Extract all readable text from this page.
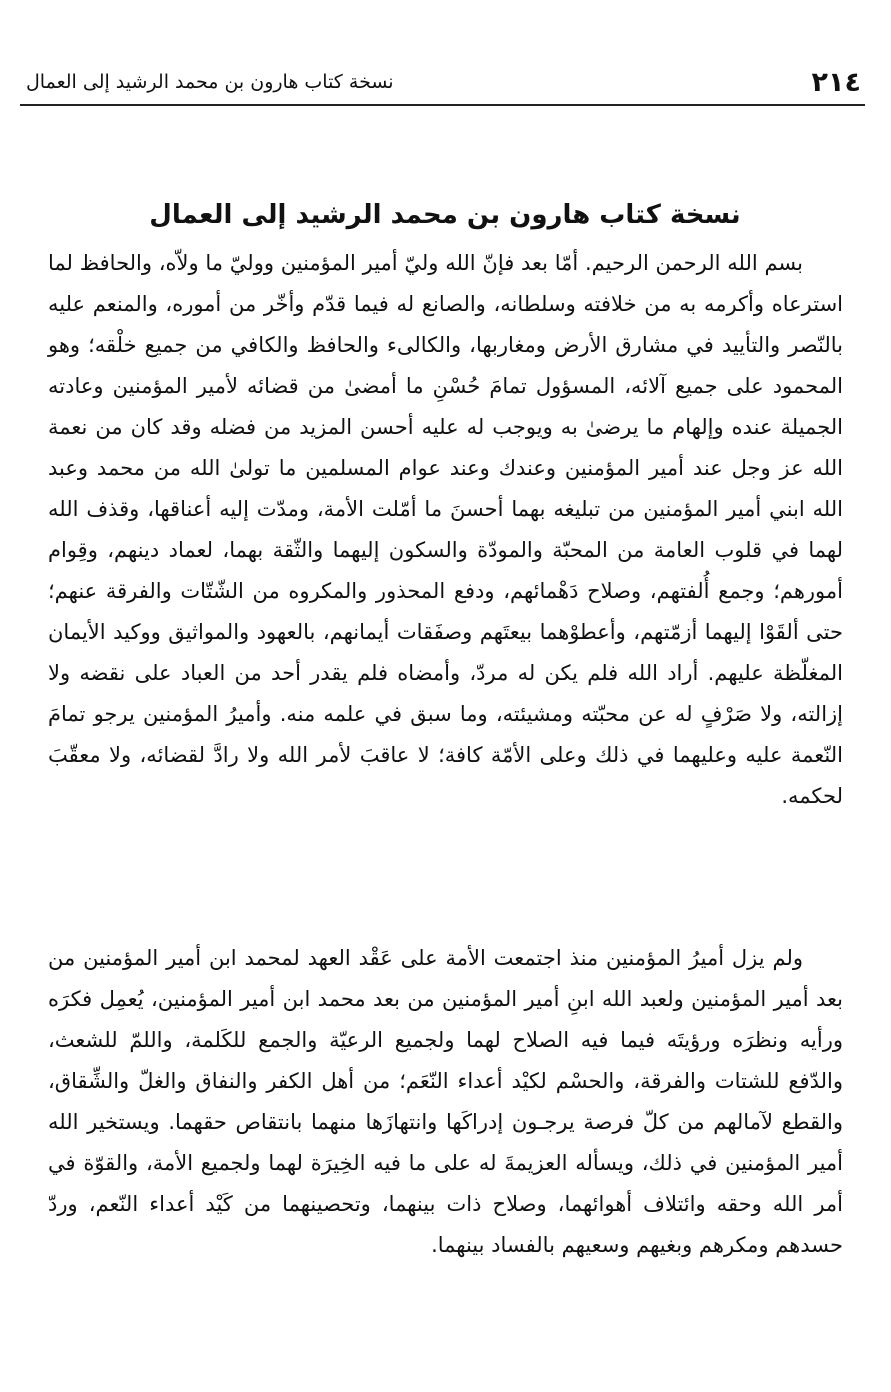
٢١٤
نسخة كتاب هارون بن محمد الرشيد إلى العمال
نسخة كتاب هارون بن محمد الرشيد إلى العمال

بسم الله الرحمن الرحيم. أمّا بعد فإنّ الله وليّ أمير المؤمنين ووليّ ما ولاّه، والحافظ لما استرعاه وأكرمه به من خلافته وسلطانه، والصانع له فيما قدّم وأخّر من أموره، والمنعم عليه بالنّصر والتأييد في مشارق الأرض ومغاربها، والكالىء والحافظ والكافي من جميع خلْقه؛ وهو المحمود على جميع آلائه، المسؤول تمامَ حُسْنِ ما أمضىٰ من قضائه لأمير المؤمنين وعادته الجميلة عنده وإلهام ما يرضىٰ به ويوجب له عليه أحسن المزيد من فضله وقد كان من نعمة الله عز وجل عند أمير المؤمنين وعندك وعند عوام المسلمين ما تولىٰ الله من محمد وعبد الله ابني أمير المؤمنين من تبليغه بهما أحسنَ ما أمّلت الأمة، ومدّت إليه أعناقها، وقذف الله لهما في قلوب العامة من المحبّة والمودّة والسكون إليهما والثّقة بهما، لعماد دينهم، وقِوام أمورهم؛ وجمع أُلفتهم، وصلاح دَهْمائهم، ودفع المحذور والمكروه من الشّتّات والفرقة عنهم؛ حتى ألقَوْا إليهما أزمّتهم، وأعطوْهما بيعتَهم وصفَقات أيمانهم، بالعهود والمواثيق ووكيد الأيمان المغلّظة عليهم. أراد الله فلم يكن له مردّ، وأمضاه فلم يقدر أحد من العباد على نقضه ولا إزالته، ولا صَرْفٍ له عن محبّته ومشيئته، وما سبق في علمه منه. وأميرُ المؤمنين يرجو تمامَ النّعمة عليه وعليهما في ذلك وعلى الأمّة كافة؛ لا عاقبَ لأمر الله ولا رادَّ لقضائه، ولا معقّبَ لحكمه.

ولم يزل أميرُ المؤمنين منذ اجتمعت الأمة على عَقْد العهد لمحمد ابن أمير المؤمنين من بعد أمير المؤمنين ولعبد الله ابنِ أمير المؤمنين من بعد محمد ابن أمير المؤمنين، يُعمِل فكرَه ورأيه ونظرَه ورؤيتَه فيما فيه الصلاح لهما ولجميع الرعيّة والجمع للكَلمة، واللمّ للشعث، والدّفع للشتات والفرقة، والحسْم لكيْد أعداء النّعَم؛ من أهل الكفر والنفاق والغلّ والشِّقاق، والقطع لآمالهم من كلّ فرصة يرجـون إدراكَها وانتهازَها منهما بانتقاص حقهما. ويستخير الله أمير المؤمنين في ذلك، ويسأله العزيمةَ له على ما فيه الخِيرَة لهما ولجميع الأمة، والقوّة في أمر الله وحقه وائتلاف أهوائهما، وصلاح ذات بينهما، وتحصينهما من كَيْد أعداء النّعم، وردّ حسدهم ومكرهم وبغيهم وسعيهم بالفساد بينهما.
